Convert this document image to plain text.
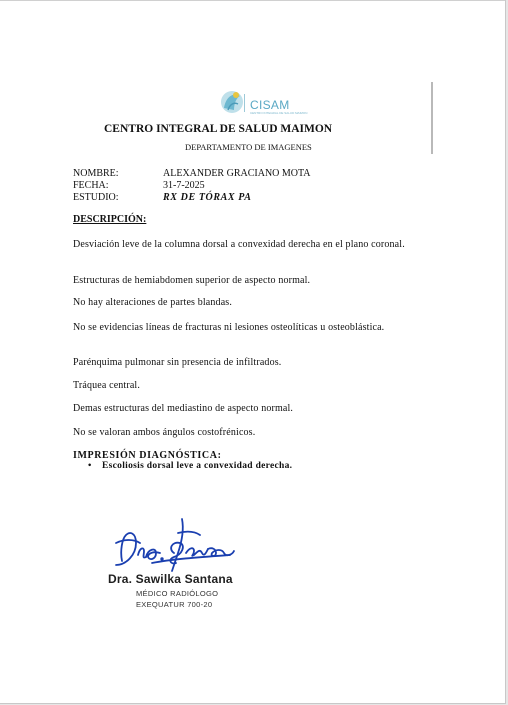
CISAM
CENTRO INTEGRAL DE SALUD MAIMON
CENTRO INTEGRAL DE SALUD MAIMON
DEPARTAMENTO DE IMAGENES
NOMBRE:	ALEXANDER GRACIANO MOTA
FECHA:	31-7-2025
ESTUDIO:	RX DE TÓRAX PA
DESCRIPCIÓN:
Desviación leve de la columna dorsal a convexidad derecha en el plano coronal.
Estructuras de hemiabdomen superior de aspecto normal.
No hay alteraciones de partes blandas.
No se evidencias líneas de fracturas ni lesiones osteolíticas u osteoblástica.
Parénquima pulmonar sin presencia de infiltrados.
Tráquea central.
Demas estructuras del mediastino de aspecto normal.
No se valoran ambos ángulos costofrénicos.
IMPRESIÓN DIAGNÓSTICA:
• Escoliosis dorsal leve a convexidad derecha.
Dra. Sawilka Santana
MÉDICO RADIÓLOGO
EXEQUATUR 700-20
